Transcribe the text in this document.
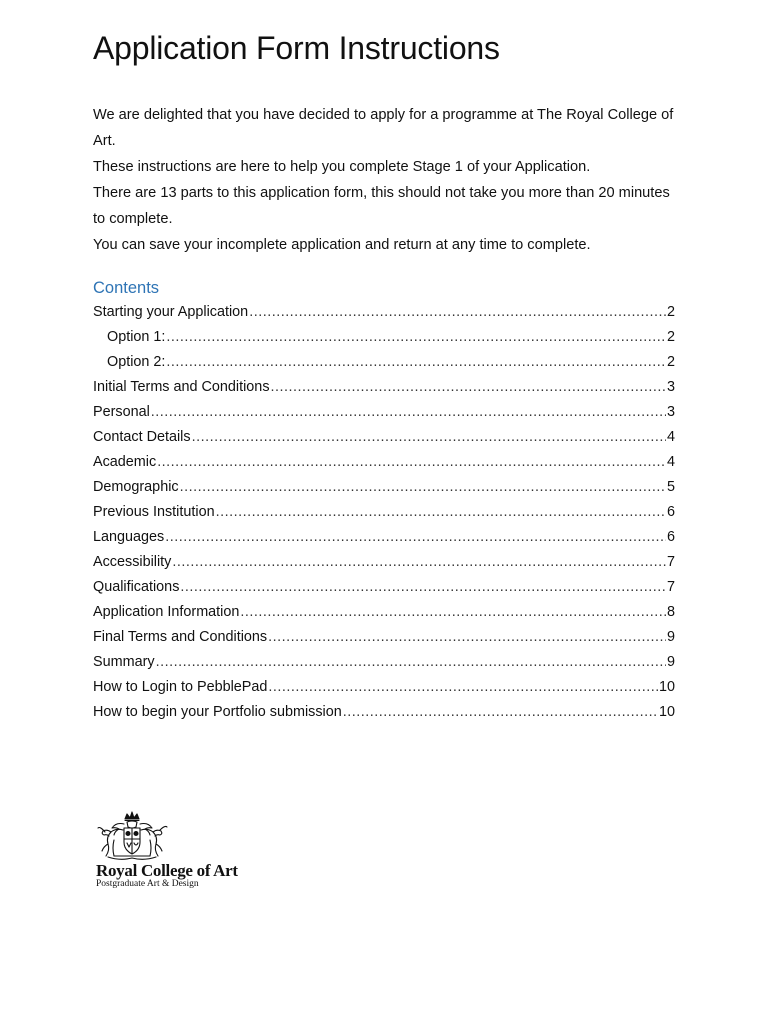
Application Form Instructions

We are delighted that you have decided to apply for a programme at The Royal College of Art.

These instructions are here to help you complete Stage 1 of your Application.

There are 13 parts to this application form, this should not take you more than 20 minutes to complete.

You can save your incomplete application and return at any time to complete.

Contents
Starting your Application .....	2
Option 1: .....	2
Option 2: .....	2
Initial Terms and Conditions .....	3
Personal .....	3
Contact Details .....	4
Academic .....	4
Demographic .....	5
Previous Institution .....	6
Languages .....	6
Accessibility .....	7
Qualifications .....	7
Application Information .....	8
Final Terms and Conditions .....	9
Summary .....	9
How to Login to PebblePad .....	10
How to begin your Portfolio submission .....	10
Royal College of Art
Postgraduate Art & Design
